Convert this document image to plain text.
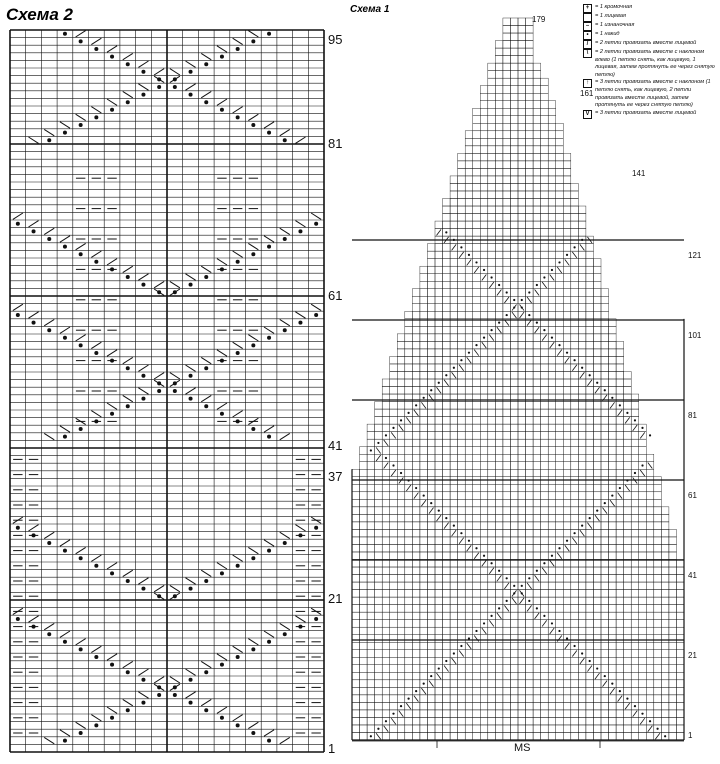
Схема 2
95
81
61
41
37
21
1
Схема 1
179
161
141
121
101
81
61
41
21
1
MS
+	= 1 кромочная
= 1 лицевая
–	= 1 изнаночная
•	= 1 накид
/	= 2 петли провязать вместе лицевой
\	= 2 петли провязать вместе с наклоном влево (1 петлю снять, как лицевую, 1 лицевая, затем протянуть ее через снятую петлю)
↑	= 3 петли провязать вместе с наклоном (1 петлю снять, как лицевую, 2 петли провязать вместе лицевой, затем протянуть ее через снятую петлю)
V = 3 петли провязать вместе лицевой
